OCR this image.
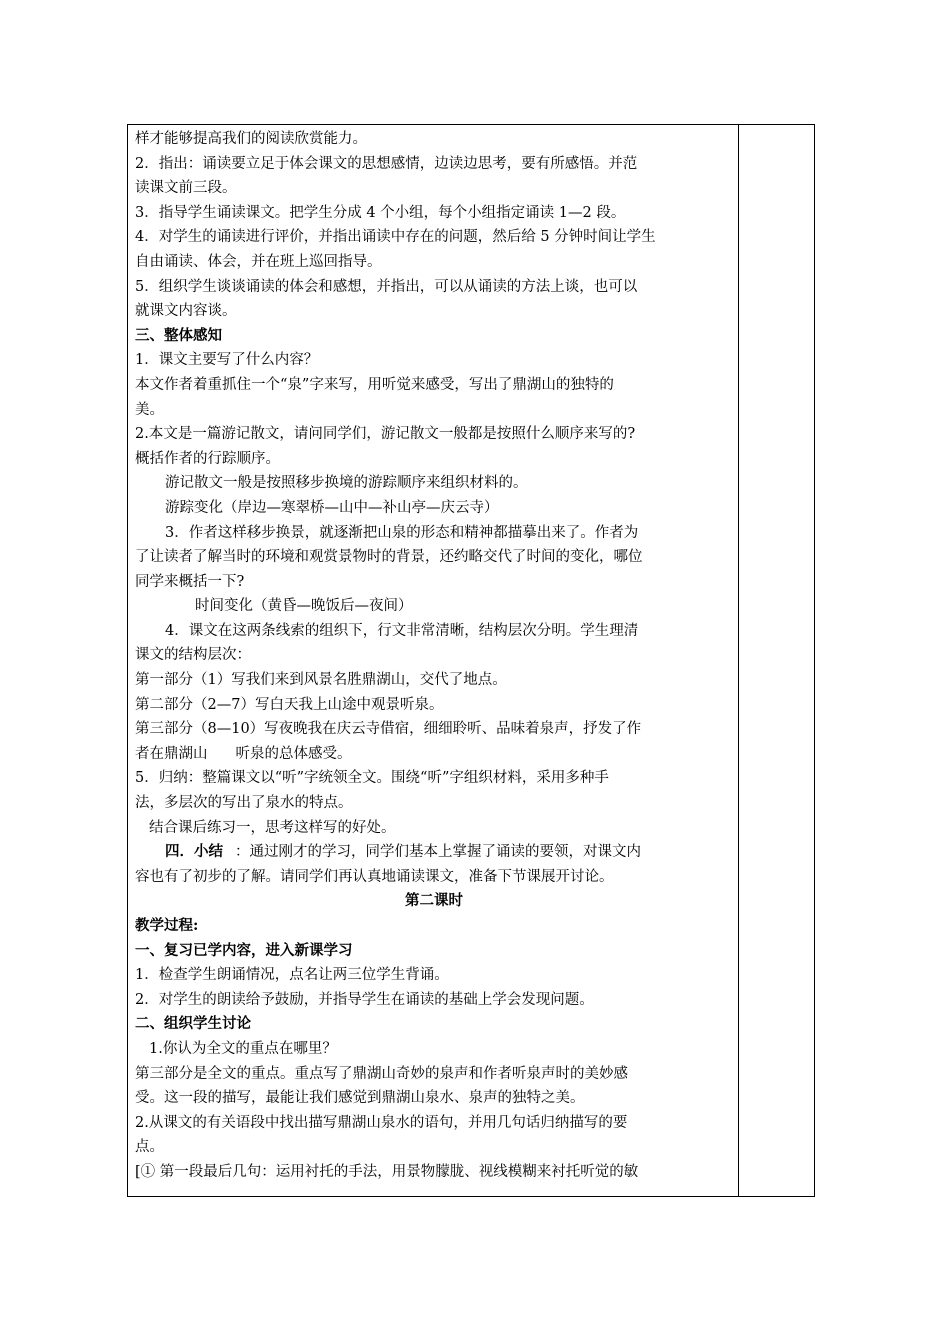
样才能够提高我们的阅读欣赏能力。
2．指出：诵读要立足于体会课文的思想感情，边读边思考，要有所感悟。并范
读课文前三段。
3．指导学生诵读课文。把学生分成 4 个小组，每个小组指定诵读 1—2 段。
4．对学生的诵读进行评价，并指出诵读中存在的问题，然后给 5 分钟时间让学生
自由诵读、体会，并在班上巡回指导。
5．组织学生谈谈诵读的体会和感想，并指出，可以从诵读的方法上谈，也可以
就课文内容谈。
三、整体感知
1．课文主要写了什么内容？
本文作者着重抓住一个“泉”字来写，用听觉来感受，写出了鼎湖山的独特的
美。
2.本文是一篇游记散文，请问同学们，游记散文一般都是按照什么顺序来写的?
概括作者的行踪顺序。
游记散文一般是按照移步换境的游踪顺序来组织材料的。
游踪变化（岸边—寒翠桥—山中—补山亭—庆云寺）
3．作者这样移步换景，就逐渐把山泉的形态和精神都描摹出来了。作者为
了让读者了解当时的环境和观赏景物时的背景，还约略交代了时间的变化，哪位
同学来概括一下?
时间变化（黄昏—晚饭后—夜间）
4．课文在这两条线索的组织下，行文非常清晰，结构层次分明。学生理清
课文的结构层次：
第一部分（1）写我们来到风景名胜鼎湖山，交代了地点。
第二部分（2—7）写白天我上山途中观景听泉。
第三部分（8—10）写夜晚我在庆云寺借宿，细细聆听、品味着泉声，抒发了作
者在鼎湖山 听泉的总体感受。
5．归纳：整篇课文以“听”字统领全文。围绕“听”字组织材料，采用多种手
法，多层次的写出了泉水的特点。
结合课后练习一，思考这样写的好处。
四．小结 ：通过刚才的学习，同学们基本上掌握了诵读的要领，对课文内
容也有了初步的了解。请同学们再认真地诵读课文，准备下节课展开讨论。
第二课时
教学过程:
一、复习已学内容，进入新课学习
1．检查学生朗诵情况，点名让两三位学生背诵。
2．对学生的朗读给予鼓励，并指导学生在诵读的基础上学会发现问题。
二、组织学生讨论
1.你认为全文的重点在哪里？
第三部分是全文的重点。重点写了鼎湖山奇妙的泉声和作者听泉声时的美妙感
受。这一段的描写，最能让我们感觉到鼎湖山泉水、泉声的独特之美。
2.从课文的有关语段中找出描写鼎湖山泉水的语句，并用几句话归纳描写的要
点。
[① 第一段最后几句：运用衬托的手法，用景物朦胧、视线模糊来衬托听觉的敏
